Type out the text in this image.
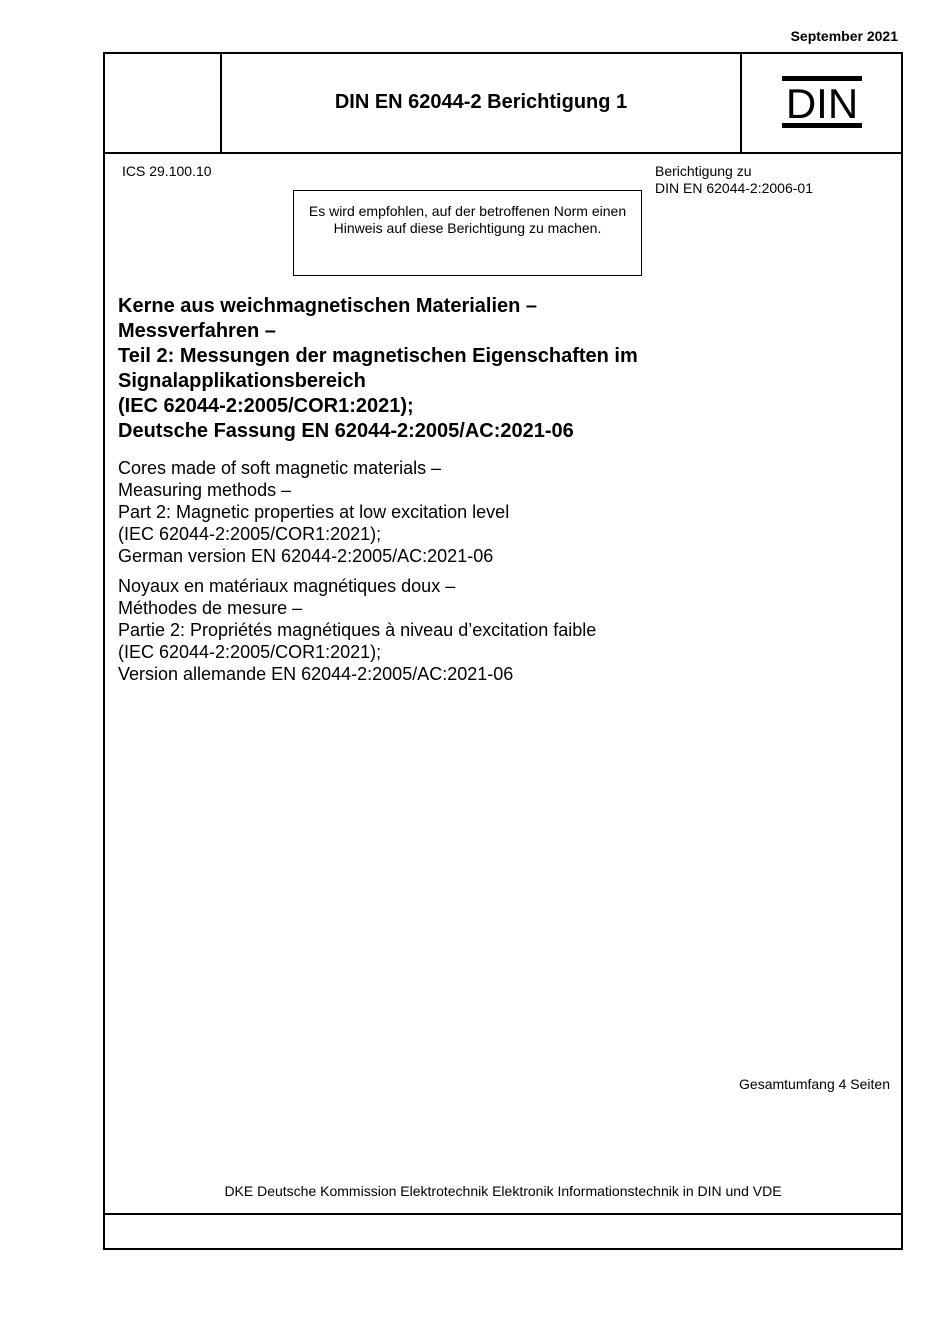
September 2021
DIN EN 62044-2 Berichtigung 1	DIN
ICS 29.100.10	Berichtigung zu
DIN EN 62044-2:2006-01
Es wird empfohlen, auf der betroffenen Norm einen Hinweis auf diese Berichtigung zu machen.
Kerne aus weichmagnetischen Materialien –
Messverfahren –
Teil 2: Messungen der magnetischen Eigenschaften im
Signalapplikationsbereich
(IEC 62044-2:2005/COR1:2021);
Deutsche Fassung EN 62044-2:2005/AC:2021-06
Cores made of soft magnetic materials –
Measuring methods –
Part 2: Magnetic properties at low excitation level
(IEC 62044-2:2005/COR1:2021);
German version EN 62044-2:2005/AC:2021-06
Noyaux en matériaux magnétiques doux –
Méthodes de mesure –
Partie 2: Propriétés magnétiques à niveau d’excitation faible
(IEC 62044-2:2005/COR1:2021);
Version allemande EN 62044-2:2005/AC:2021-06
Gesamtumfang 4 Seiten
DKE Deutsche Kommission Elektrotechnik Elektronik Informationstechnik in DIN und VDE
